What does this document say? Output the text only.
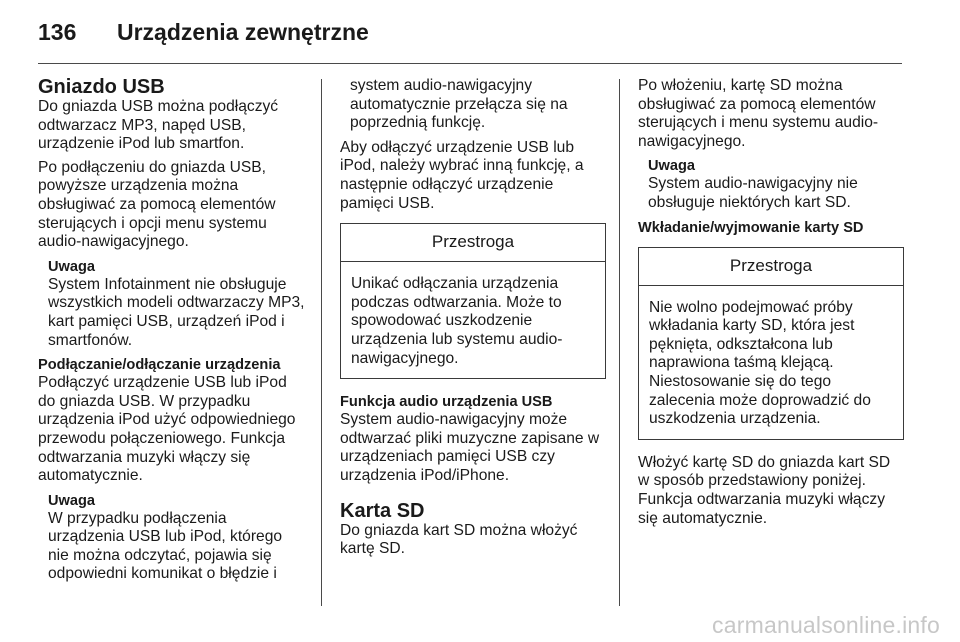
136 Urządzenia zewnętrzne
Gniazdo USB

Do gniazda USB można podłączyć odtwarzacz MP3, napęd USB, urządzenie iPod lub smartfon.

Po podłączeniu do gniazda USB, powyższe urządzenia można obsługiwać za pomocą elementów sterujących i opcji menu systemu audio-nawigacyjnego.

Uwaga
System Infotainment nie obsługuje wszystkich modeli odtwarzaczy MP3, kart pamięci USB, urządzeń iPod i smartfonów.
Podłączanie/odłączanie urządzenia

Podłączyć urządzenie USB lub iPod do gniazda USB. W przypadku urządzenia iPod użyć odpowiedniego przewodu połączeniowego. Funkcja odtwarzania muzyki włączy się automatycznie.

Uwaga
W przypadku podłączenia urządzenia USB lub iPod, którego nie można odczytać, pojawia się odpowiedni komunikat o błędzie i
system audio-nawigacyjny automatycznie przełącza się na poprzednią funkcję.

Aby odłączyć urządzenie USB lub iPod, należy wybrać inną funkcję, a następnie odłączyć urządzenie pamięci USB.

Przestroga
Unikać odłączania urządzenia podczas odtwarzania. Może to spowodować uszkodzenie urządzenia lub systemu audio-nawigacyjnego.
Funkcja audio urządzenia USB

System audio-nawigacyjny może odtwarzać pliki muzyczne zapisane w urządzeniach pamięci USB czy urządzenia iPod/iPhone.

Karta SD

Do gniazda kart SD można włożyć kartę SD.

Po włożeniu, kartę SD można obsługiwać za pomocą elementów sterujących i menu systemu audio-nawigacyjnego.

Uwaga
System audio-nawigacyjny nie obsługuje niektórych kart SD.
Wkładanie/wyjmowanie karty SD
Przestroga
Nie wolno podejmować próby wkładania karty SD, która jest pęknięta, odkształcona lub naprawiona taśmą klejącą. Niestosowanie się do tego zalecenia może doprowadzić do uszkodzenia urządzenia.

Włożyć kartę SD do gniazda kart SD w sposób przedstawiony poniżej. Funkcja odtwarzania muzyki włączy się automatycznie.

carmanualsonline.info
